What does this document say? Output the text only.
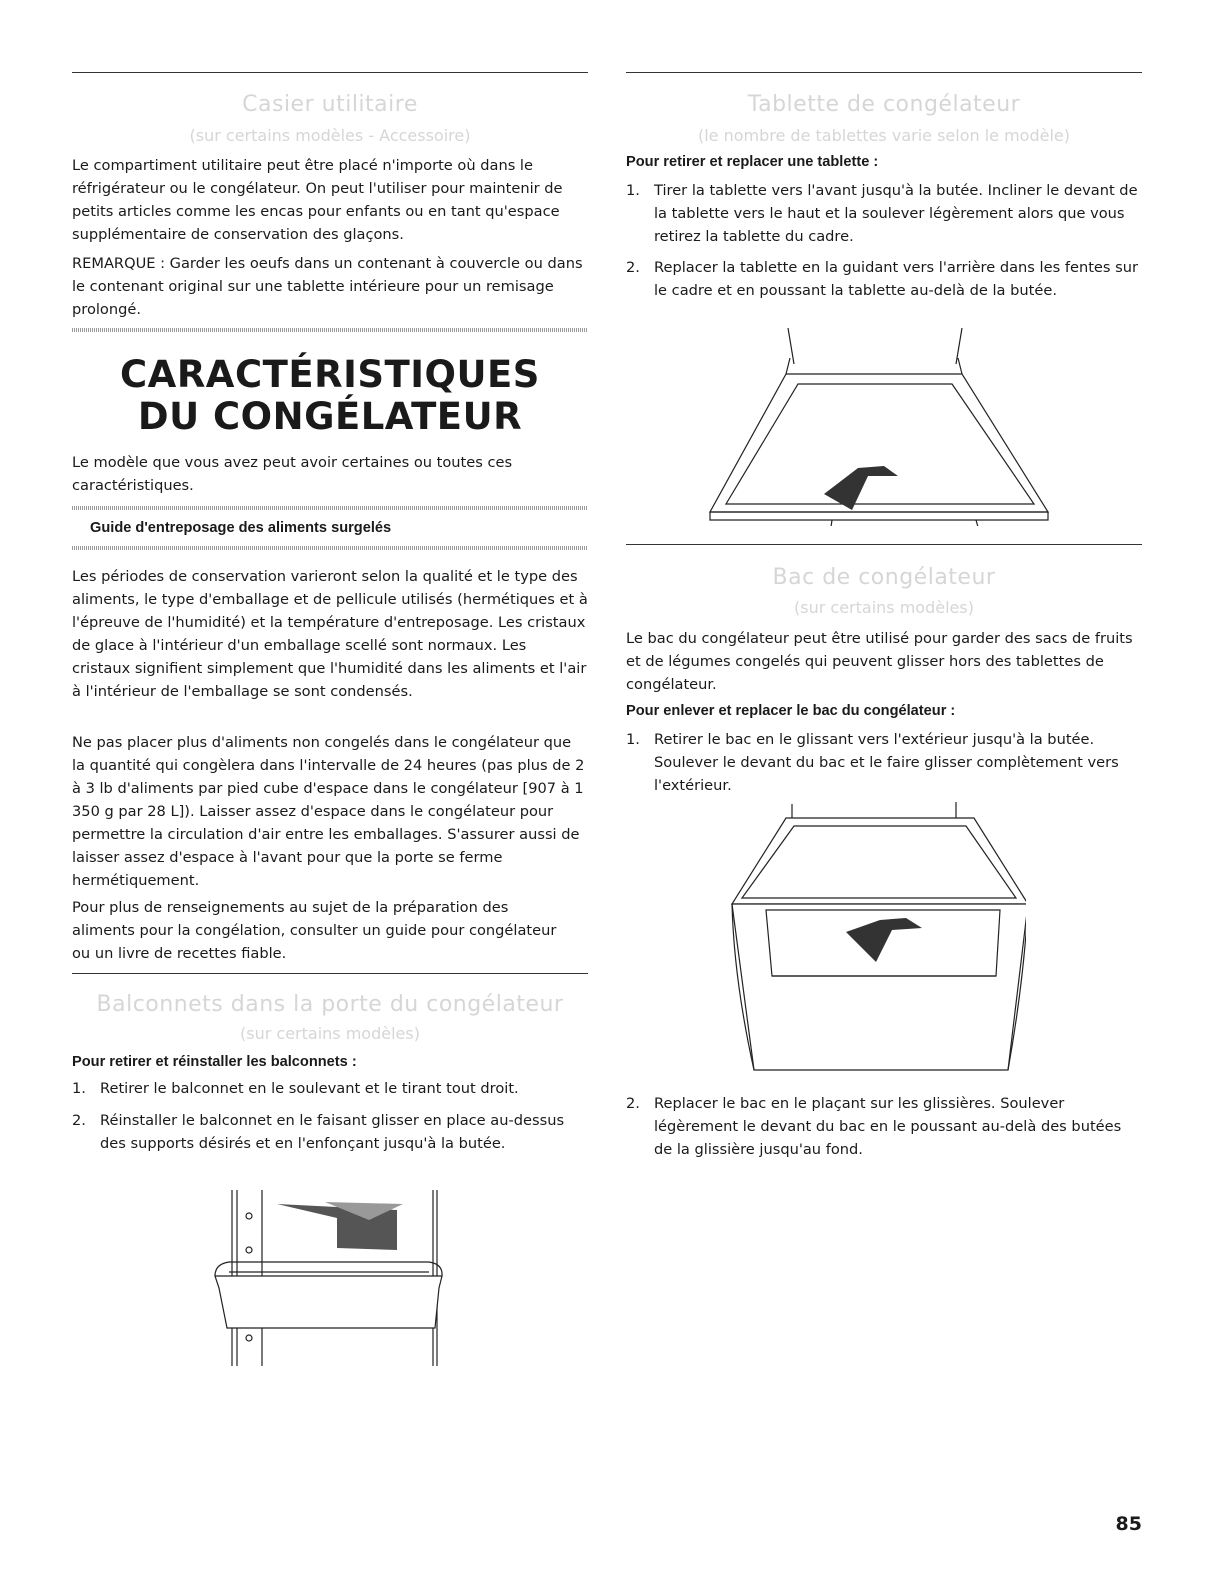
Casier utilitaire
(sur certains modèles - Accessoire)

Le compartiment utilitaire peut être placé n'importe où dans le réfrigérateur ou le congélateur. On peut l'utiliser pour maintenir de petits articles comme les encas pour enfants ou en tant qu'espace supplémentaire de conservation des glaçons.

REMARQUE : Garder les oeufs dans un contenant à couvercle ou dans le contenant original sur une tablette intérieure pour un remisage prolongé.

CARACTÉRISTIQUES
DU CONGÉLATEUR

Le modèle que vous avez peut avoir certaines ou toutes ces caractéristiques.

Guide d'entreposage des aliments surgelés

Les périodes de conservation varieront selon la qualité et le type des aliments, le type d'emballage et de pellicule utilisés (hermétiques et à l'épreuve de l'humidité) et la température d'entreposage. Les cristaux de glace à l'intérieur d'un emballage scellé sont normaux. Les cristaux signifient simplement que l'humidité dans les aliments et l'air à l'intérieur de l'emballage se sont condensés.

Ne pas placer plus d'aliments non congelés dans le congélateur que la quantité qui congèlera dans l'intervalle de 24 heures (pas plus de 2 à 3 lb d'aliments par pied cube d'espace dans le congélateur [907 à 1 350 g par 28 L]). Laisser assez d'espace dans le congélateur pour permettre la circulation d'air entre les emballages. S'assurer aussi de laisser assez d'espace à l'avant pour que la porte se ferme hermétiquement.

Pour plus de renseignements au sujet de la préparation des aliments pour la congélation, consulter un guide pour congélateur ou un livre de recettes fiable.

Balconnets dans la porte du congélateur
(sur certains modèles)
Pour retirer et réinstaller les balconnets :
1. Retirer le balconnet en le soulevant et le tirant tout droit.
2. Réinstaller le balconnet en le faisant glisser en place au-dessus des supports désirés et en l'enfonçant jusqu'à la butée.
Tablette de congélateur
(le nombre de tablettes varie selon le modèle)
Pour retirer et replacer une tablette :
1. Tirer la tablette vers l'avant jusqu'à la butée. Incliner le devant de la tablette vers le haut et la soulever légèrement alors que vous retirez la tablette du cadre.
2. Replacer la tablette en la guidant vers l'arrière dans les fentes sur le cadre et en poussant la tablette au-delà de la butée.
Bac de congélateur
(sur certains modèles)

Le bac du congélateur peut être utilisé pour garder des sacs de fruits et de légumes congelés qui peuvent glisser hors des tablettes de congélateur.

Pour enlever et replacer le bac du congélateur :
1. Retirer le bac en le glissant vers l'extérieur jusqu'à la butée. Soulever le devant du bac et le faire glisser complètement vers l'extérieur.
2. Replacer le bac en le plaçant sur les glissières. Soulever légèrement le devant du bac en le poussant au-delà des butées de la glissière jusqu'au fond.
85
